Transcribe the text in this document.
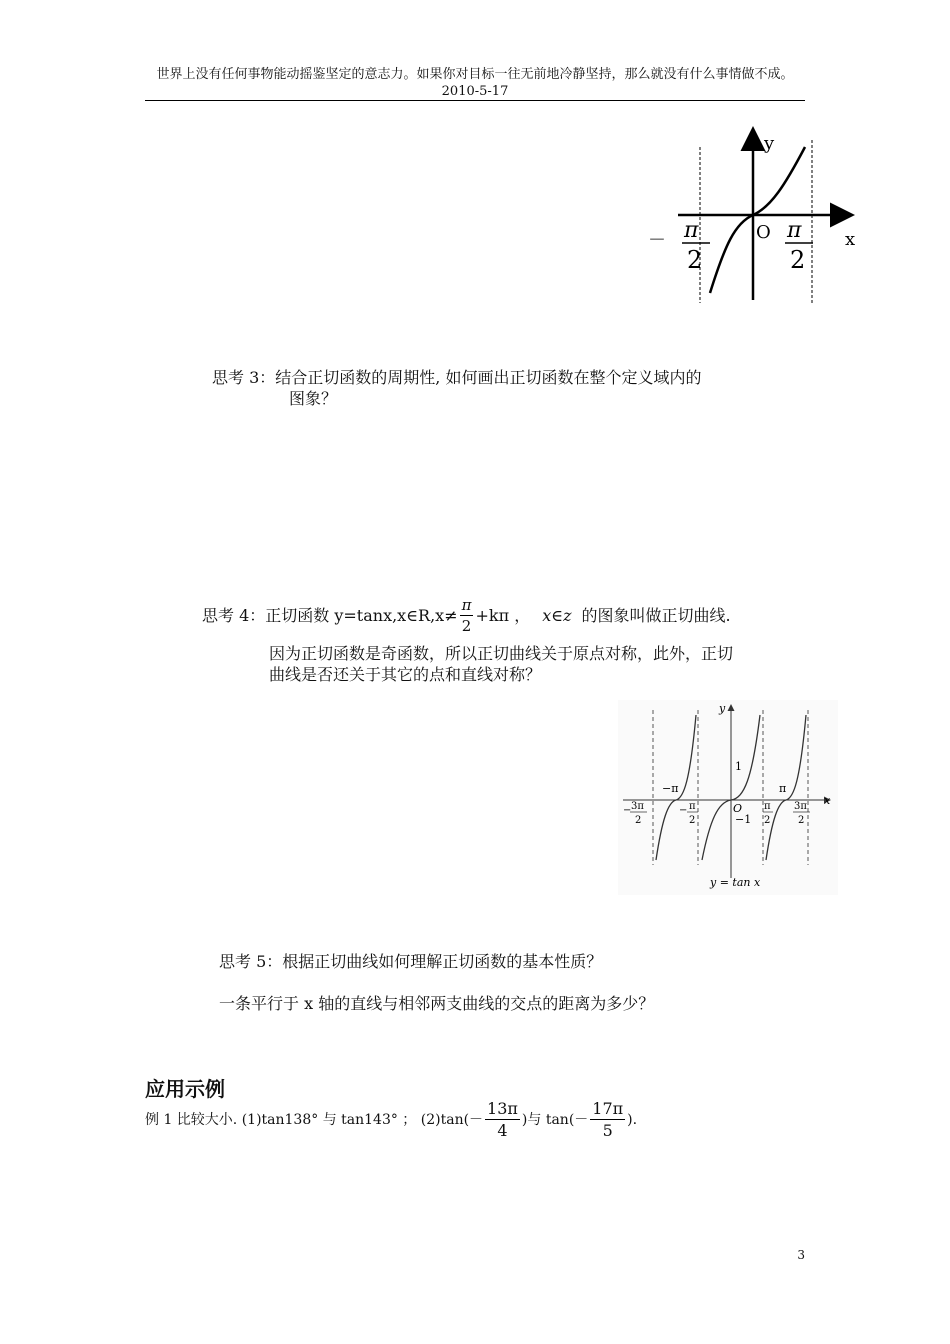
世界上没有任何事物能动摇鉴坚定的意志力。如果你对目标一往无前地冷静坚持，那么就没有什么事情做不成。2010-5-17
y
x
O
－ π
2
π
2
思考 3：结合正切函数的周期性, 如何画出正切函数在整个定义域内的
图象？
思考 4：正切函数 y=tanx,x∈R,x≠ $\frac{\pi}{2} +k\pi$ ， x∈z 的图象叫做正切曲线.
因为正切函数是奇函数，所以正切曲线关于原点对称，此外，正切
曲线是否还关于其它的点和直线对称？
y
x
O
1
−1
−π	π
− 3π
2
− π
2
π
2
3π
2
y = tan x
思考 5：根据正切曲线如何理解正切函数的基本性质？
一条平行于 x 轴的直线与相邻两支曲线的交点的距离为多少？
应用示例
例 1 比较大小. (1)tan138° 与 tan143° ； $(2)\tan(- \frac{13\pi}{4}$ )与 $\tan(- \frac{17\pi}{5}$ ).
3
